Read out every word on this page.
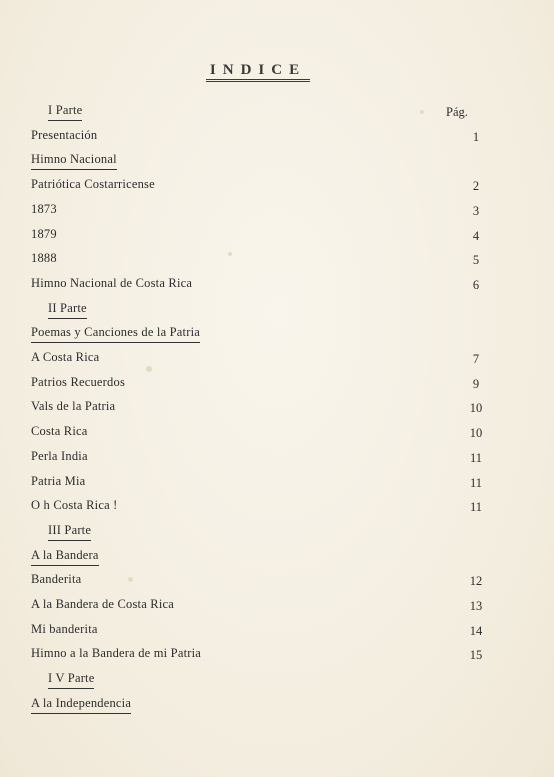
INDICE
Pág.
I Parte
Presentación	1
Himno Nacional
Patriótica Costarricense	2
1873	3
1879	4
1888	5
Himno Nacional de Costa Rica	6
II Parte
Poemas y Canciones de la Patria
A Costa Rica	7
Patrios Recuerdos	9
Vals de la Patria	10
Costa Rica	10
Perla India	11
Patria Mia	11
O h Costa Rica !	11
III Parte
A la Bandera
Banderita	12
A la Bandera de Costa Rica	13
Mi banderita	14
Himno a la Bandera de mi Patria	15
I V Parte
A la Independencia
